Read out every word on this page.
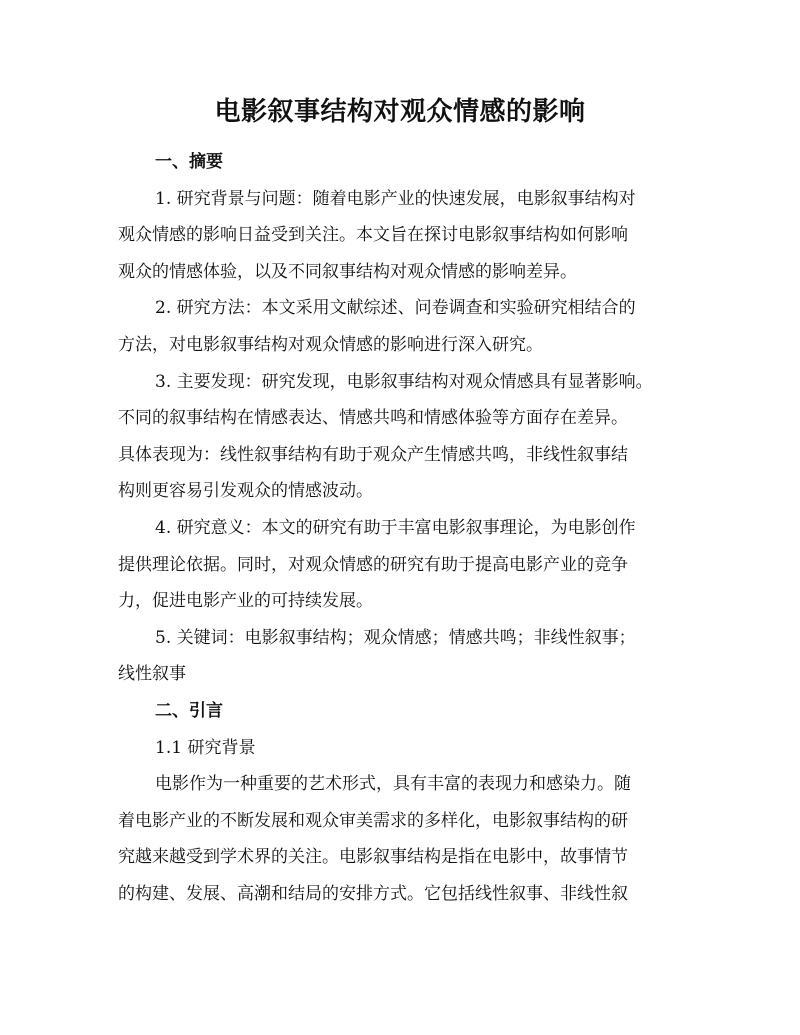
电影叙事结构对观众情感的影响
一、摘要

1. 研究背景与问题：随着电影产业的快速发展，电影叙事结构对
观众情感的影响日益受到关注。本文旨在探讨电影叙事结构如何影响
观众的情感体验，以及不同叙事结构对观众情感的影响差异。

2. 研究方法：本文采用文献综述、问卷调查和实验研究相结合的
方法，对电影叙事结构对观众情感的影响进行深入研究。

3. 主要发现：研究发现，电影叙事结构对观众情感具有显著影响。
不同的叙事结构在情感表达、情感共鸣和情感体验等方面存在差异。
具体表现为：线性叙事结构有助于观众产生情感共鸣，非线性叙事结
构则更容易引发观众的情感波动。

4. 研究意义：本文的研究有助于丰富电影叙事理论，为电影创作
提供理论依据。同时，对观众情感的研究有助于提高电影产业的竞争
力，促进电影产业的可持续发展。

5. 关键词：电影叙事结构；观众情感；情感共鸣；非线性叙事；
线性叙事

二、引言

1.1 研究背景

电影作为一种重要的艺术形式，具有丰富的表现力和感染力。随
着电影产业的不断发展和观众审美需求的多样化，电影叙事结构的研
究越来越受到学术界的关注。电影叙事结构是指在电影中，故事情节
的构建、发展、高潮和结局的安排方式。它包括线性叙事、非线性叙
